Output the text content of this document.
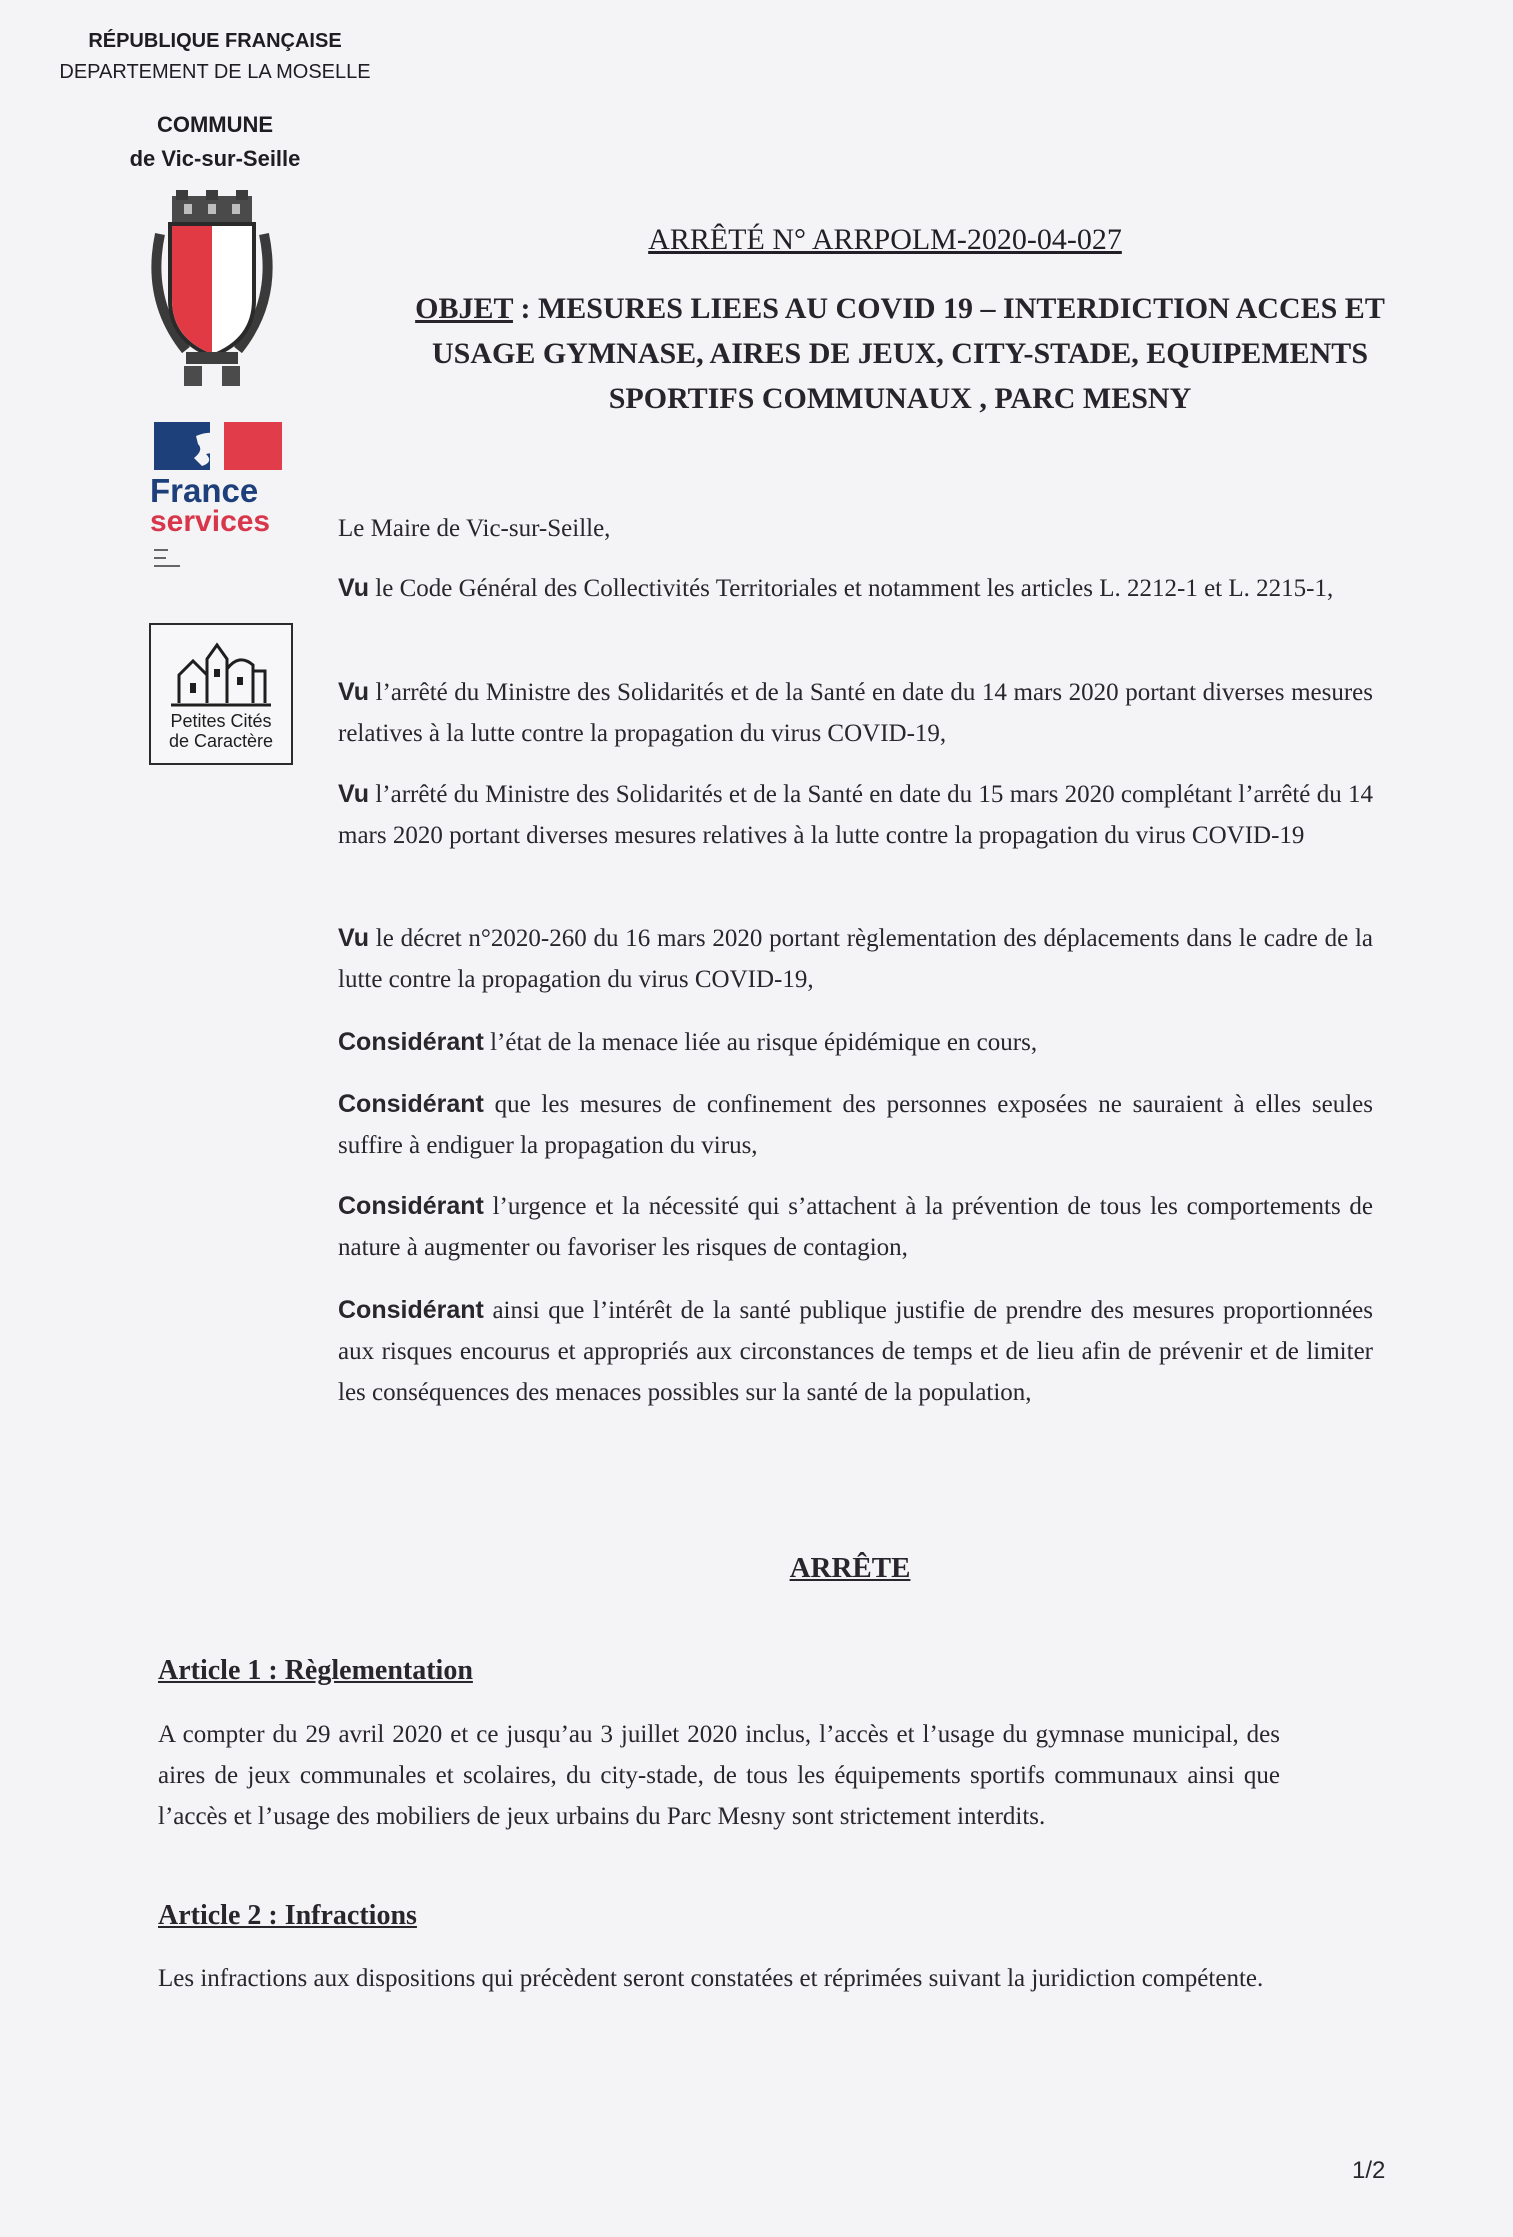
RÉPUBLIQUE FRANÇAISE
DEPARTEMENT DE LA MOSELLE
COMMUNE
de Vic-sur-Seille
France
services
Petites Cités
de Caractère
ARRÊTÉ N° ARRPOLM-2020-04-027
OBJET : MESURES LIEES AU COVID 19 – INTERDICTION ACCES ET USAGE GYMNASE, AIRES DE JEUX, CITY-STADE, EQUIPEMENTS SPORTIFS COMMUNAUX , PARC MESNY
Le Maire de Vic-sur-Seille,
Vu le Code Général des Collectivités Territoriales et notamment les articles L. 2212-1 et L. 2215-1,
Vu l’arrêté du Ministre des Solidarités et de la Santé en date du 14 mars 2020 portant diverses mesures relatives à la lutte contre la propagation du virus COVID-19,
Vu l’arrêté du Ministre des Solidarités et de la Santé en date du 15 mars 2020 complétant l’arrêté du 14 mars 2020 portant diverses mesures relatives à la lutte contre la propagation du virus COVID-19
Vu le décret n°2020-260 du 16 mars 2020 portant règlementation des déplacements dans le cadre de la lutte contre la propagation du virus COVID-19,
Considérant l’état de la menace liée au risque épidémique en cours,
Considérant que les mesures de confinement des personnes exposées ne sauraient à elles seules suffire à endiguer la propagation du virus,
Considérant l’urgence et la nécessité qui s’attachent à la prévention de tous les comportements de nature à augmenter ou favoriser les risques de contagion,
Considérant ainsi que l’intérêt de la santé publique justifie de prendre des mesures proportionnées aux risques encourus et appropriés aux circonstances de temps et de lieu afin de prévenir et de limiter les conséquences des menaces possibles sur la santé de la population,
ARRÊTE
Article 1 : Règlementation
A compter du 29 avril 2020 et ce jusqu’au 3 juillet 2020 inclus, l’accès et l’usage du gymnase municipal, des aires de jeux communales et scolaires, du city-stade, de tous les équipements sportifs communaux ainsi que l’accès et l’usage des mobiliers de jeux urbains du Parc Mesny sont strictement interdits.
Article 2 : Infractions
Les infractions aux dispositions qui précèdent seront constatées et réprimées suivant la juridiction compétente.
1/2
